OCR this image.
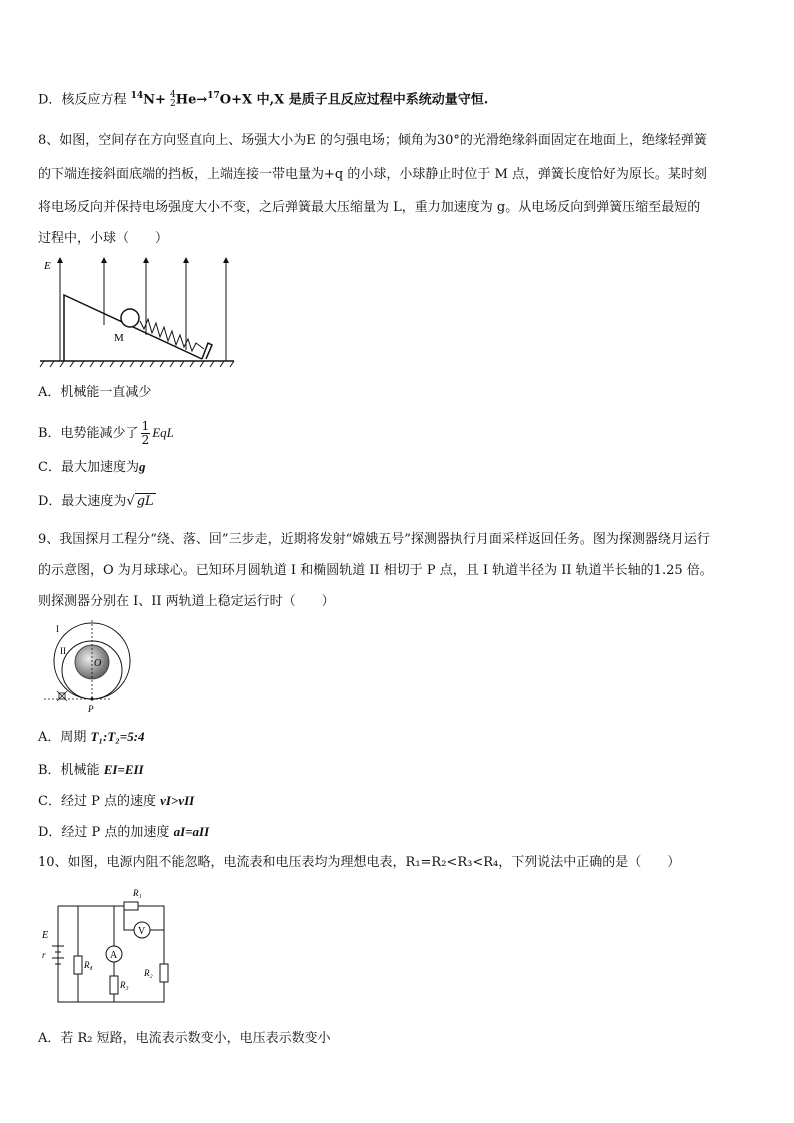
D．核反应方程 $^{14}$N+ 4
2 He→$^{17}$O+X 中,X 是质子且反应过程中系统动量守恒.
8、如图，空间存在方向竖直向上、场强大小为E 的匀强电场；倾角为30°的光滑绝缘斜面固定在地面上，绝缘轻弹簧
的下端连接斜面底端的挡板，上端连接一带电量为+q 的小球，小球静止时位于 M 点，弹簧长度恰好为原长。某时刻
将电场反向并保持电场强度大小不变，之后弹簧最大压缩量为 L，重力加速度为 g。从电场反向到弹簧压缩至最短的
过程中，小球（　　）
E
M
A．机械能一直减少
B．电势能减少了 $\frac{1}{2}$ EqL
C．最大加速度为g
D．最大速度为√ gL
9、我国探月工程分“绕、落、回”三步走，近期将发射“嫦娥五号”探测器执行月面采样返回任务。图为探测器绕月运行
的示意图，O 为月球球心。已知环月圆轨道 I 和椭圆轨道 II 相切于 P 点，且 I 轨道半径为 II 轨道半长轴的1.25 倍。
则探测器分别在 I、II 两轨道上稳定运行时（　　）
I
II
O
P
A．周期 T₁:T₂=5:4
B．机械能 EI=EII
C．经过 P 点的速度 vI>vII
D．经过 P 点的加速度 aI=aII
10、如图，电源内阻不能忽略，电流表和电压表均为理想电表，R₁=R₂<R₃<R₄，下列说法中正确的是（　　）
A
V
R₁
R₄
R₃
R₂
E
r
A．若 R₂ 短路，电流表示数变小，电压表示数变小
